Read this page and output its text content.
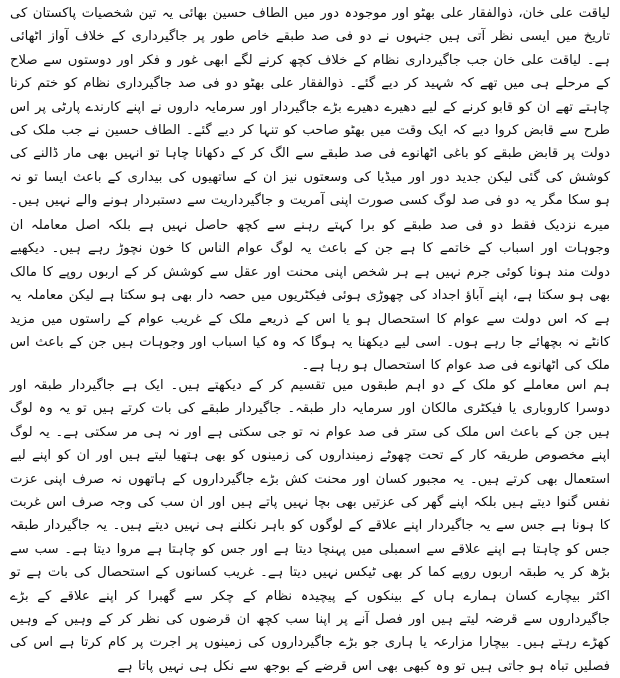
لیاقت علی خان، ذوالفقار علی بھٹو اور موجودہ دور میں الطاف حسین بھائی یہ تین شخصیات پاکستان کی تاریخ میں ایسی نظر آتی ہیں جنہوں نے دو فی صد طبقے خاص طور پر جاگیرداری کے خلاف آواز اٹھائی ہے۔ لیاقت علی خان جب جاگیرداری نظام کے خلاف کچھ کرنے لگے ابھی غور و فکر اور دوستوں سے صلاح کے مرحلے ہی میں تھے کہ شہید کر دیے گئے۔ ذوالفقار علی بھٹو دو فی صد جاگیرداری نظام کو ختم کرنا چاہتے تھے ان کو قابو کرنے کے لیے دھیرے دھیرے بڑے جاگیردار اور سرمایہ داروں نے اپنے کارندے پارٹی پر اس طرح سے قابض کروا دیے کہ ایک وقت میں بھٹو صاحب کو تنہا کر دیے گئے۔ الطاف حسین نے جب ملک کی دولت پر قابض طبقے کو باغی اٹھانوے فی صد طبقے سے الگ کر کے دکھانا چاہا تو انہیں بھی مار ڈالنے کی کوشش کی گئی لیکن جدید دور اور میڈیا کی وسعتوں نیز ان کے ساتھیوں کی بیداری کے باعث ایسا تو نہ ہو سکا مگر یہ دو فی صد لوگ کسی صورت اپنی آمریت و جاگیرداریت سے دستبردار ہونے والے نہیں ہیں۔

میرے نزدیک فقط دو فی صد طبقے کو برا کہتے رہنے سے کچھ حاصل نہیں ہے بلکہ اصل معاملہ ان وجوہات اور اسباب کے خاتمے کا ہے جن کے باعث یہ لوگ عوام الناس کا خون نچوڑ رہے ہیں۔ دیکھیے دولت مند ہونا کوئی جرم نہیں ہے ہر شخص اپنی محنت اور عقل سے کوشش کر کے اربوں روپے کا مالک بھی ہو سکتا ہے، اپنے آباؤ اجداد کی چھوڑی ہوئی فیکٹریوں میں حصہ دار بھی ہو سکتا ہے لیکن معاملہ یہ ہے کہ اس دولت سے عوام کا استحصال ہو یا اس کے ذریعے ملک کے غریب عوام کے راستوں میں مزید کانٹے نہ بچھائے جا رہے ہوں۔ اسی لیے دیکھنا یہ ہوگا کہ وہ کیا اسباب اور وجوہات ہیں جن کے باعث اس ملک کی اٹھانوے فی صد عوام کا استحصال ہو رہا ہے۔

ہم اس معاملے کو ملک کے دو اہم طبقوں میں تقسیم کر کے دیکھتے ہیں۔ ایک ہے جاگیردار طبقہ اور دوسرا کاروباری یا فیکٹری مالکان اور سرمایہ دار طبقہ۔ جاگیردار طبقے کی بات کرتے ہیں تو یہ وہ لوگ ہیں جن کے باعث اس ملک کی ستر فی صد عوام نہ تو جی سکتی ہے اور نہ ہی مر سکتی ہے۔ یہ لوگ اپنے مخصوص طریقہ کار کے تحت چھوٹے زمینداروں کی زمینوں کو بھی ہتھیا لیتے ہیں اور ان کو اپنے لیے استعمال بھی کرتے ہیں۔ یہ مجبور کسان اور محنت کش بڑے جاگیرداروں کے ہاتھوں نہ صرف اپنی عزت نفس گنوا دیتے ہیں بلکہ اپنے گھر کی عزتیں بھی بچا نہیں پاتے ہیں اور ان سب کی وجہ صرف اس غربت کا ہونا ہے جس سے یہ جاگیردار اپنے علاقے کے لوگوں کو باہر نکلنے ہی نہیں دیتے ہیں۔ یہ جاگیردار طبقہ جس کو چاہتا ہے اپنے علاقے سے اسمبلی میں پہنچا دیتا ہے اور جس کو چاہتا ہے مروا دیتا ہے۔ سب سے بڑھ کر یہ طبقہ اربوں روپے کما کر بھی ٹیکس نہیں دیتا ہے۔ غریب کسانوں کے استحصال کی بات ہے تو اکثر بیچارے کسان ہمارے ہاں کے بینکوں کے پیچیدہ نظام کے چکر سے گھبرا کر اپنے علاقے کے بڑے جاگیرداروں سے قرضہ لیتے ہیں اور فصل آنے پر اپنا سب کچھ ان قرضوں کی نظر کر کے وہیں کے وہیں کھڑے رہتے ہیں۔ بیچارا مزارعہ یا ہاری جو بڑے جاگیرداروں کی زمینوں پر اجرت پر کام کرتا ہے اس کی فصلیں تباہ ہو جاتی ہیں تو وہ کبھی بھی اس قرضے کے بوجھ سے نکل ہی نہیں پاتا ہے
